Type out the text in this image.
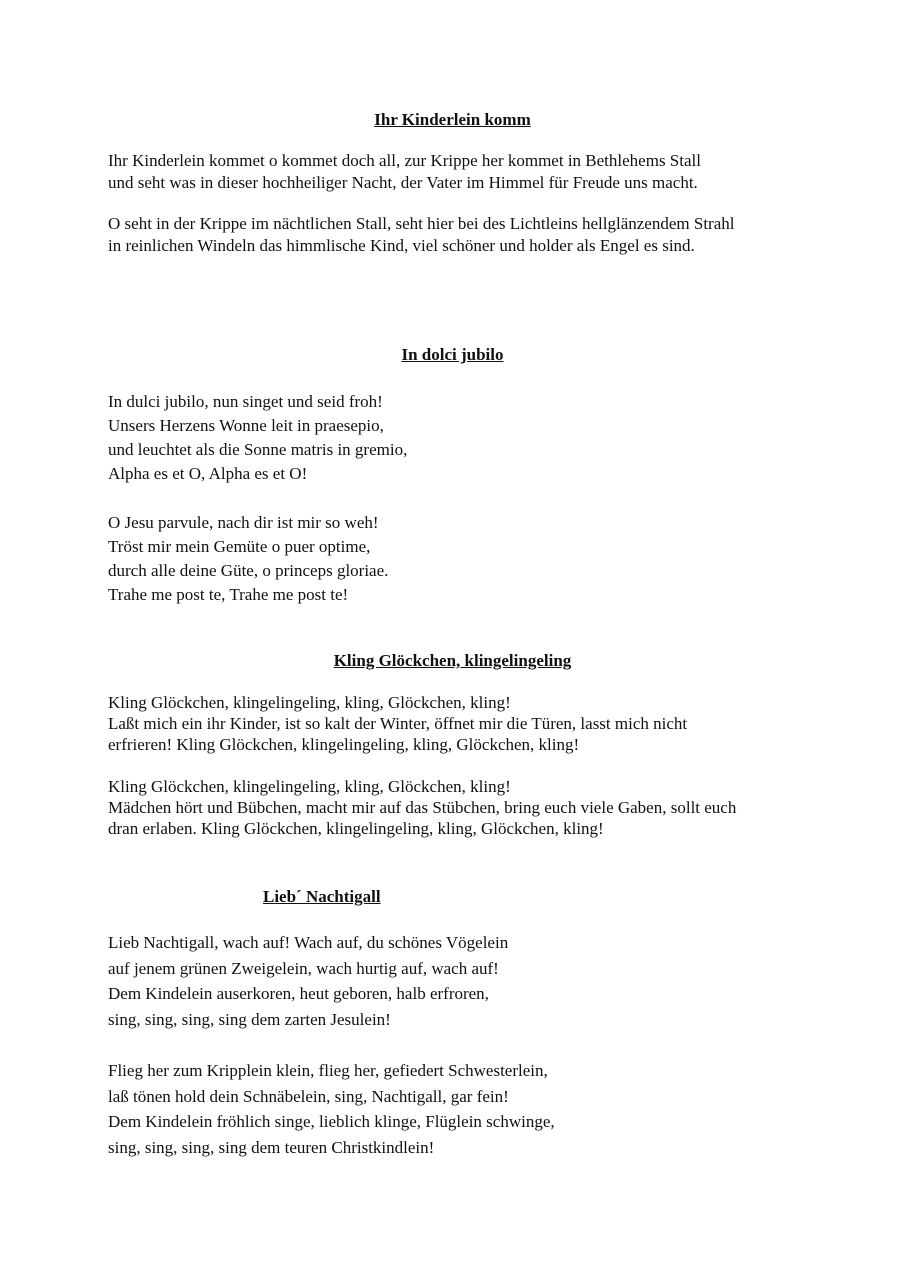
Ihr Kinderlein komm
Ihr Kinderlein kommet o kommet doch all, zur Krippe her kommet in Bethlehems Stall
und seht was in dieser hochheiliger Nacht, der Vater im Himmel für Freude uns macht.
O seht in der Krippe im nächtlichen Stall, seht hier bei des Lichtleins hellglänzendem Strahl
in reinlichen Windeln das himmlische Kind, viel schöner und holder als Engel es sind.
In dolci jubilo
In dulci jubilo, nun singet und seid froh!
Unsers Herzens Wonne leit in praesepio,
und leuchtet als die Sonne matris in gremio,
Alpha es et O, Alpha es et O!
O Jesu parvule, nach dir ist mir so weh!
Tröst mir mein Gemüte o puer optime,
durch alle deine Güte, o princeps gloriae.
Trahe me post te, Trahe me post te!
Kling Glöckchen, klingelingeling
Kling Glöckchen, klingelingeling, kling, Glöckchen, kling!
Laßt mich ein ihr Kinder, ist so kalt der Winter, öffnet mir die Türen, lasst mich nicht
erfrieren! Kling Glöckchen, klingelingeling, kling, Glöckchen, kling!
Kling Glöckchen, klingelingeling, kling, Glöckchen, kling!
Mädchen hört und Bübchen, macht mir auf das Stübchen, bring euch viele Gaben, sollt euch
dran erlaben. Kling Glöckchen, klingelingeling, kling, Glöckchen, kling!
Lieb´ Nachtigall
Lieb Nachtigall, wach auf! Wach auf, du schönes Vögelein
auf jenem grünen Zweigelein, wach hurtig auf, wach auf!
Dem Kindelein auserkoren, heut geboren, halb erfroren,
sing, sing, sing, sing dem zarten Jesulein!
Flieg her zum Kripplein klein, flieg her, gefiedert Schwesterlein,
laß tönen hold dein Schnäbelein, sing, Nachtigall, gar fein!
Dem Kindelein fröhlich singe, lieblich klinge, Flüglein schwinge,
sing, sing, sing, sing dem teuren Christkindlein!
